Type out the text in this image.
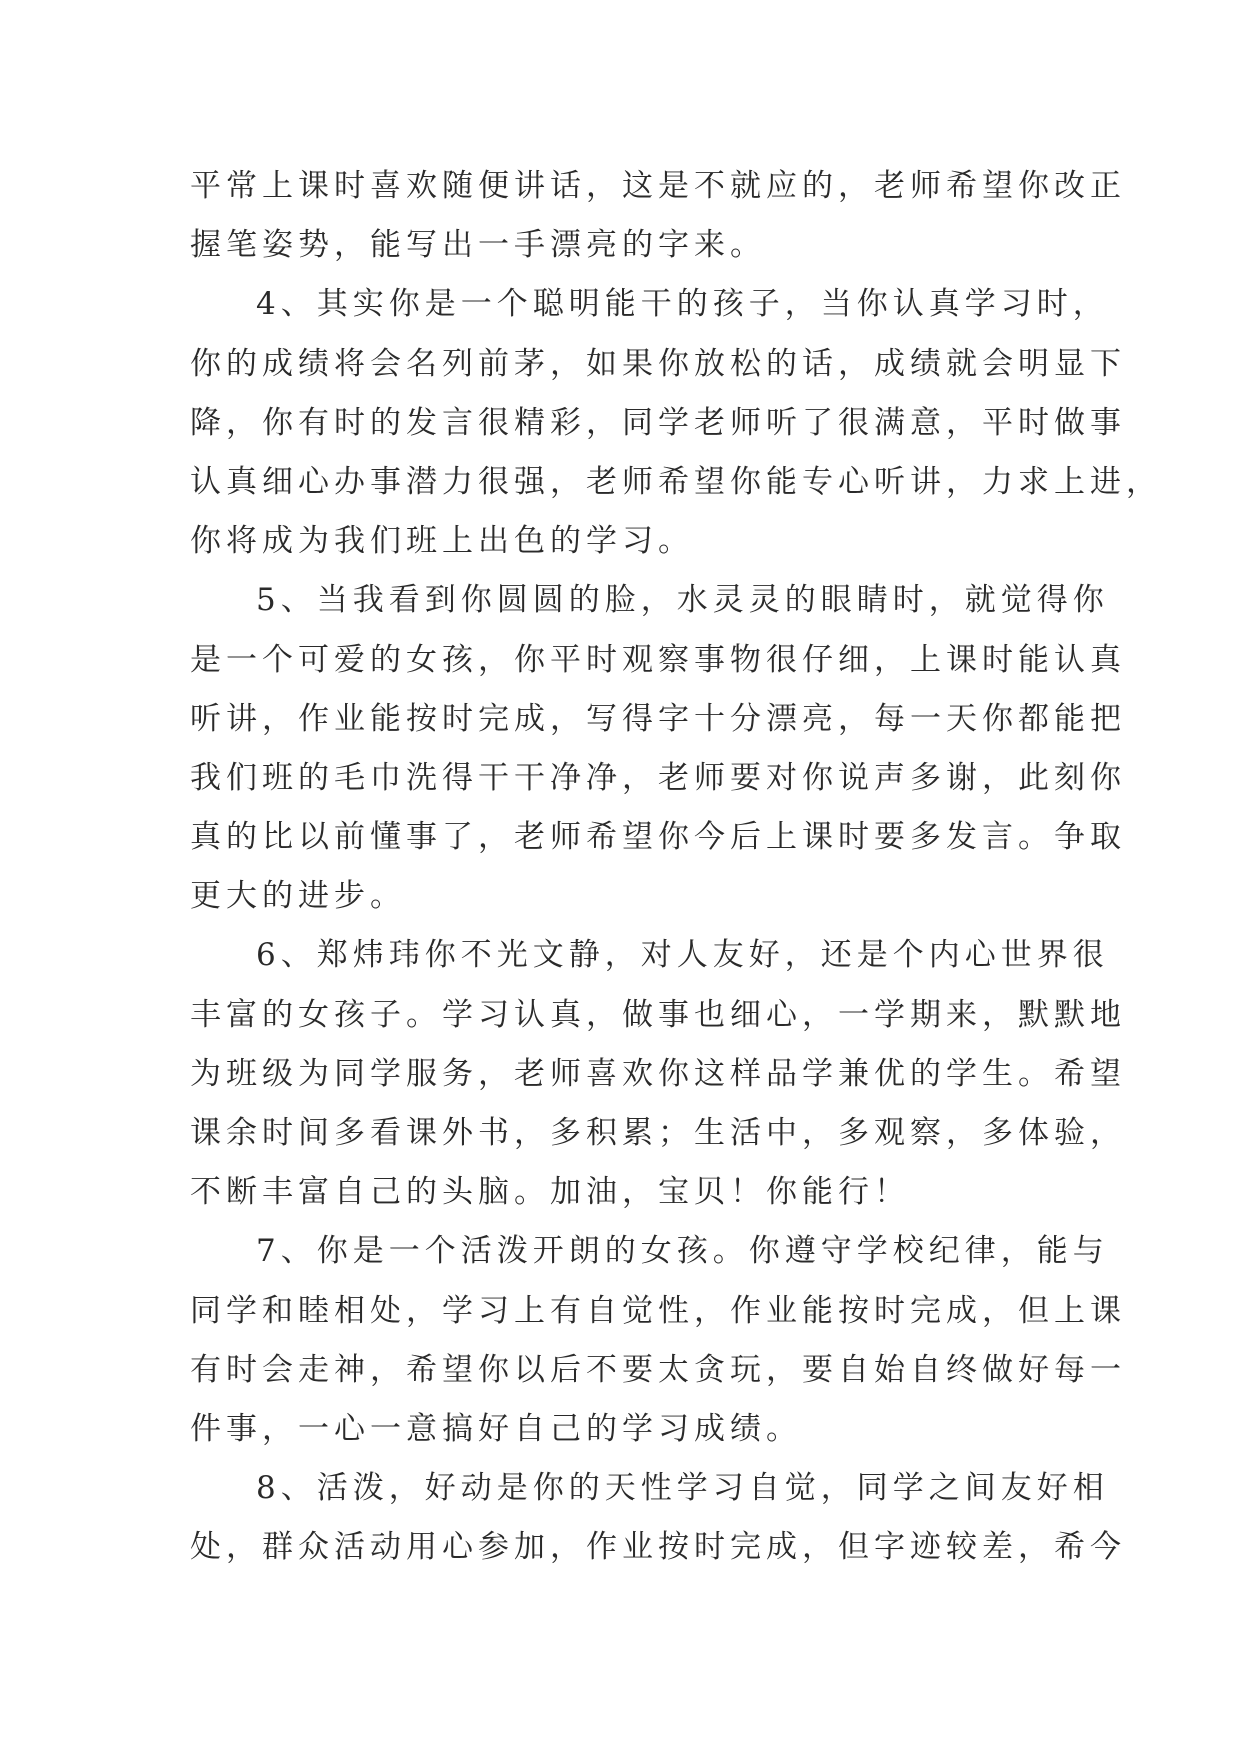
平常上课时喜欢随便讲话，这是不就应的，老师希望你改正
握笔姿势，能写出一手漂亮的字来。
4、其实你是一个聪明能干的孩子，当你认真学习时，
你的成绩将会名列前茅，如果你放松的话，成绩就会明显下
降，你有时的发言很精彩，同学老师听了很满意，平时做事
认真细心办事潜力很强，老师希望你能专心听讲，力求上进，
你将成为我们班上出色的学习。
5、当我看到你圆圆的脸，水灵灵的眼睛时，就觉得你
是一个可爱的女孩，你平时观察事物很仔细，上课时能认真
听讲，作业能按时完成，写得字十分漂亮，每一天你都能把
我们班的毛巾洗得干干净净，老师要对你说声多谢，此刻你
真的比以前懂事了，老师希望你今后上课时要多发言。争取
更大的进步。
6、郑炜玮你不光文静，对人友好，还是个内心世界很
丰富的女孩子。学习认真，做事也细心，一学期来，默默地
为班级为同学服务，老师喜欢你这样品学兼优的学生。希望
课余时间多看课外书，多积累；生活中，多观察，多体验，
不断丰富自己的头脑。加油，宝贝！你能行！
7、你是一个活泼开朗的女孩。你遵守学校纪律，能与
同学和睦相处，学习上有自觉性，作业能按时完成，但上课
有时会走神，希望你以后不要太贪玩，要自始自终做好每一
件事，一心一意搞好自己的学习成绩。
8、活泼，好动是你的天性学习自觉，同学之间友好相
处，群众活动用心参加，作业按时完成，但字迹较差，希今
